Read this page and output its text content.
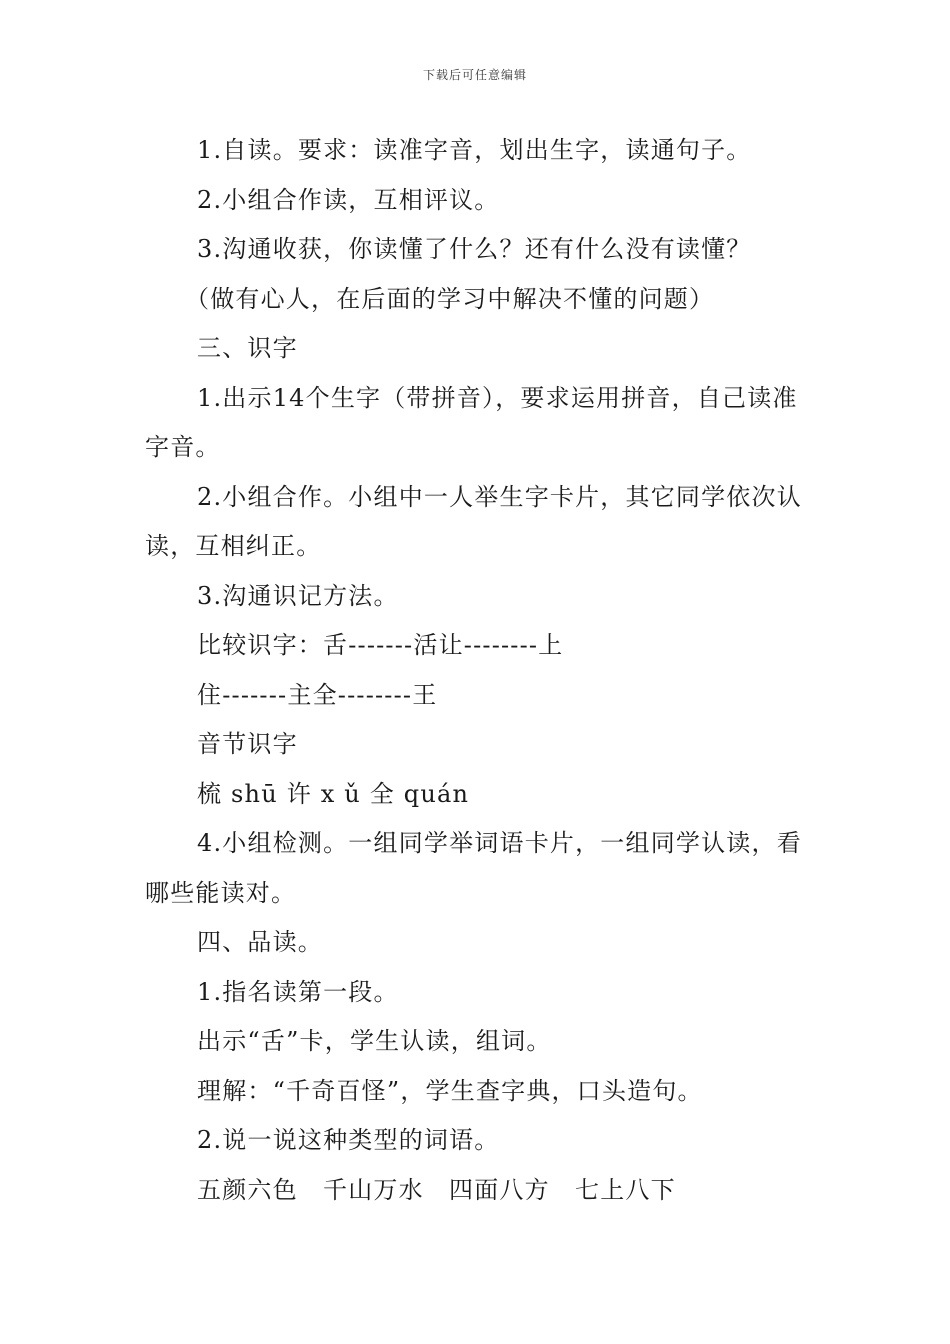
下载后可任意编辑

1.自读。要求：读准字音，划出生字，读通句子。

2.小组合作读，互相评议。

3.沟通收获，你读懂了什么？还有什么没有读懂？

（做有心人，在后面的学习中解决不懂的问题）

三、识字

1.出示14个生字（带拼音），要求运用拼音，自己读准字音。

2.小组合作。小组中一人举生字卡片，其它同学依次认读，互相纠正。

3.沟通识记方法。

比较识字：舌-------活让--------上

住-------主全--------王

音节识字

梳 shū 许 x ǔ 全 quán

4.小组检测。一组同学举词语卡片，一组同学认读，看哪些能读对。

四、品读。

1.指名读第一段。

出示“舌”卡，学生认读，组词。

理解：“千奇百怪”，学生查字典，口头造句。

2.说一说这种类型的词语。

五颜六色　千山万水　四面八方　七上八下
